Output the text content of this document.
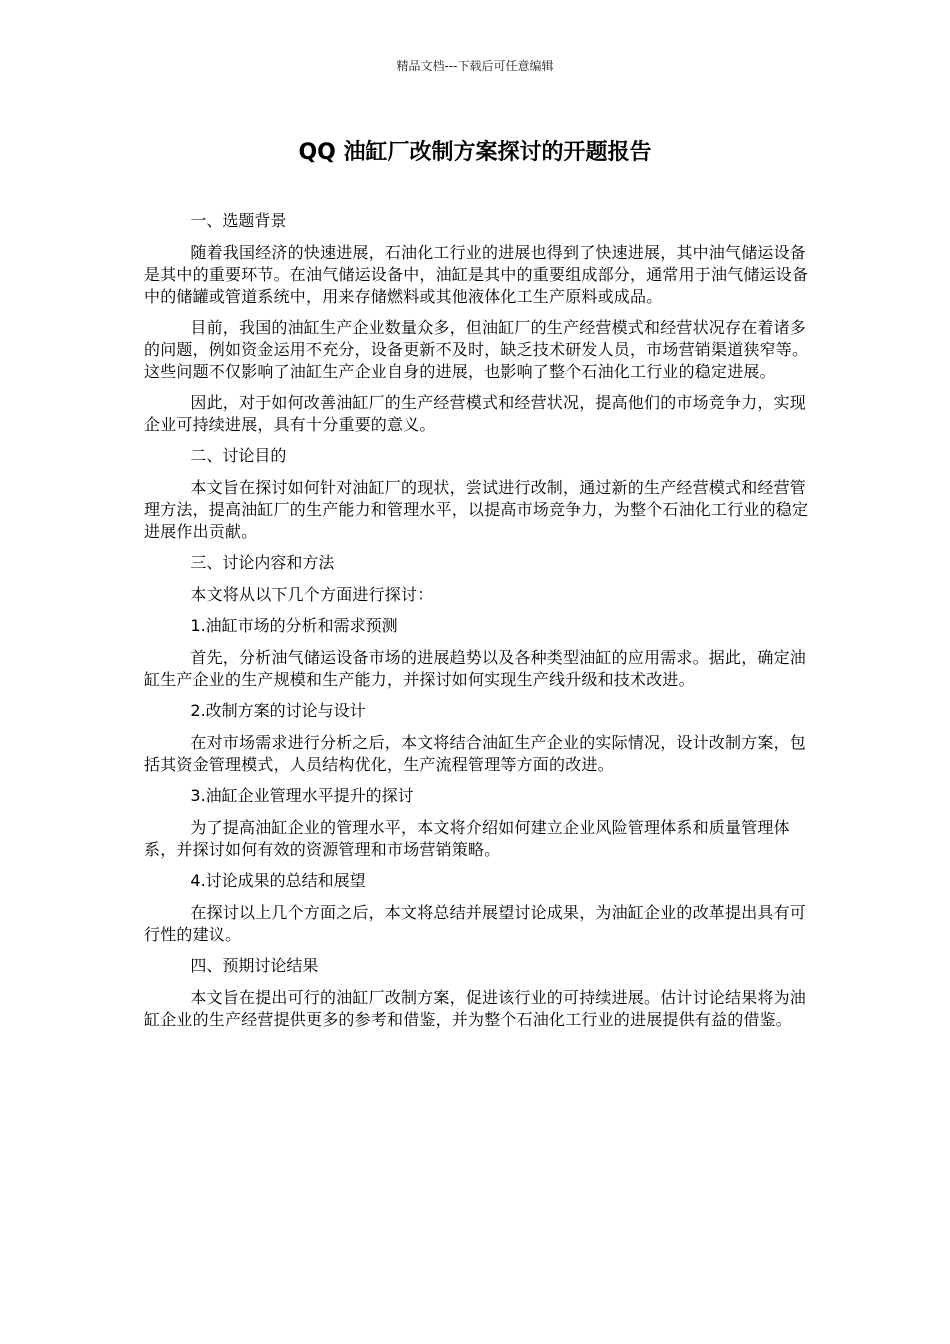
精品文档---下载后可任意编辑
QQ 油缸厂改制方案探讨的开题报告

一、选题背景

随着我国经济的快速进展，石油化工行业的进展也得到了快速进展，其中油气储运设备是其中的重要环节。在油气储运设备中，油缸是其中的重要组成部分，通常用于油气储运设备中的储罐或管道系统中，用来存储燃料或其他液体化工生产原料或成品。

目前，我国的油缸生产企业数量众多，但油缸厂的生产经营模式和经营状况存在着诸多的问题，例如资金运用不充分，设备更新不及时，缺乏技术研发人员，市场营销渠道狭窄等。这些问题不仅影响了油缸生产企业自身的进展，也影响了整个石油化工行业的稳定进展。

因此，对于如何改善油缸厂的生产经营模式和经营状况，提高他们的市场竞争力，实现企业可持续进展，具有十分重要的意义。

二、讨论目的

本文旨在探讨如何针对油缸厂的现状，尝试进行改制，通过新的生产经营模式和经营管理方法，提高油缸厂的生产能力和管理水平，以提高市场竞争力，为整个石油化工行业的稳定进展作出贡献。

三、讨论内容和方法

本文将从以下几个方面进行探讨：

1.油缸市场的分析和需求预测

首先，分析油气储运设备市场的进展趋势以及各种类型油缸的应用需求。据此，确定油缸生产企业的生产规模和生产能力，并探讨如何实现生产线升级和技术改进。

2.改制方案的讨论与设计

在对市场需求进行分析之后，本文将结合油缸生产企业的实际情况，设计改制方案，包括其资金管理模式，人员结构优化，生产流程管理等方面的改进。

3.油缸企业管理水平提升的探讨

为了提高油缸企业的管理水平，本文将介绍如何建立企业风险管理体系和质量管理体系，并探讨如何有效的资源管理和市场营销策略。

4.讨论成果的总结和展望

在探讨以上几个方面之后，本文将总结并展望讨论成果，为油缸企业的改革提出具有可行性的建议。

四、预期讨论结果

本文旨在提出可行的油缸厂改制方案，促进该行业的可持续进展。估计讨论结果将为油缸企业的生产经营提供更多的参考和借鉴，并为整个石油化工行业的进展提供有益的借鉴。
